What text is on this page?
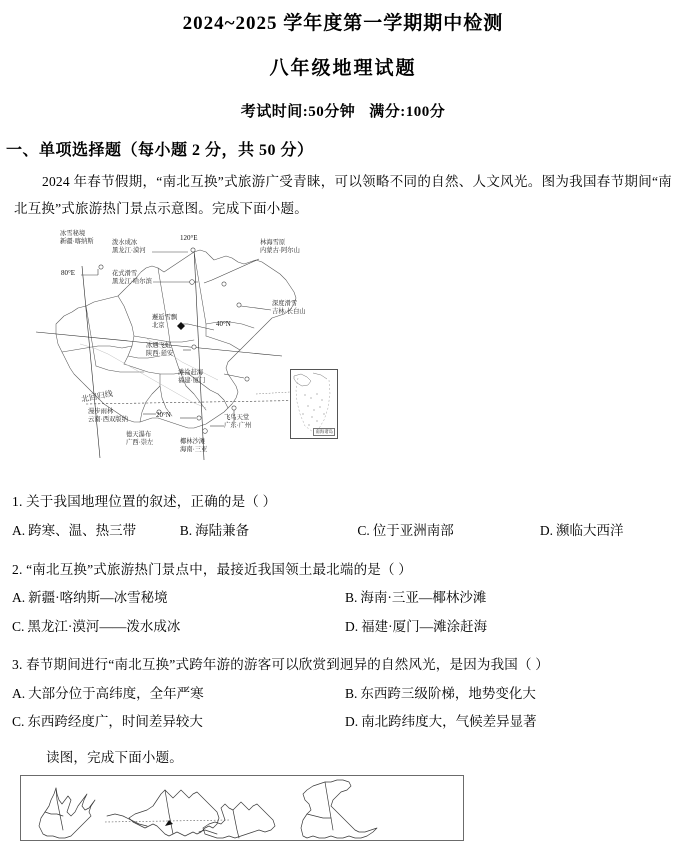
2024~2025 学年度第一学期期中检测
八年级地理试题
考试时间:50分钟 满分:100分
一、单项选择题（每小题 2 分，共 50 分）
2024 年春节假期，“南北互换”式旅游广受青睐，可以领略不同的自然、人文风光。图为我国春节期间“南北互换”式旅游热门景点示意图。完成下面小题。
80°E
120°E
40°N
20°N
北回归线
冰雪秘境
新疆·喀纳斯	泼水成冰
黑龙江·漠河
林海雪原
内蒙古·阿尔山
花式滑雪
黑龙江·哈尔滨
深度滑雪
吉林·长白山
邂逅雪飘
北京
冰遇飞虹
陕西·延安
滩涂赶海
福建·厦门
漫步雨林
云南·西双版纳
德天瀑布
广西·崇左	椰林沙滩
海南·三亚
飞鸟天堂
广东·广州
南海诸岛
1. 关于我国地理位置的叙述，正确的是（ ）
A. 跨寒、温、热三带	B. 海陆兼备	C. 位于亚洲南部	D. 濒临大西洋
2. “南北互换”式旅游热门景点中，最接近我国领土最北端的是（ ）
A. 新疆·喀纳斯—冰雪秘境	B. 海南·三亚—椰林沙滩
C. 黑龙江·漠河——泼水成冰	D. 福建·厦门—滩涂赶海
3. 春节期间进行“南北互换”式跨年游的游客可以欣赏到迥异的自然风光，是因为我国（ ）
A. 大部分位于高纬度，全年严寒	B. 东西跨三级阶梯，地势变化大
C. 东西跨经度广，时间差异较大	D. 南北跨纬度大，气候差异显著
读图，完成下面小题。
